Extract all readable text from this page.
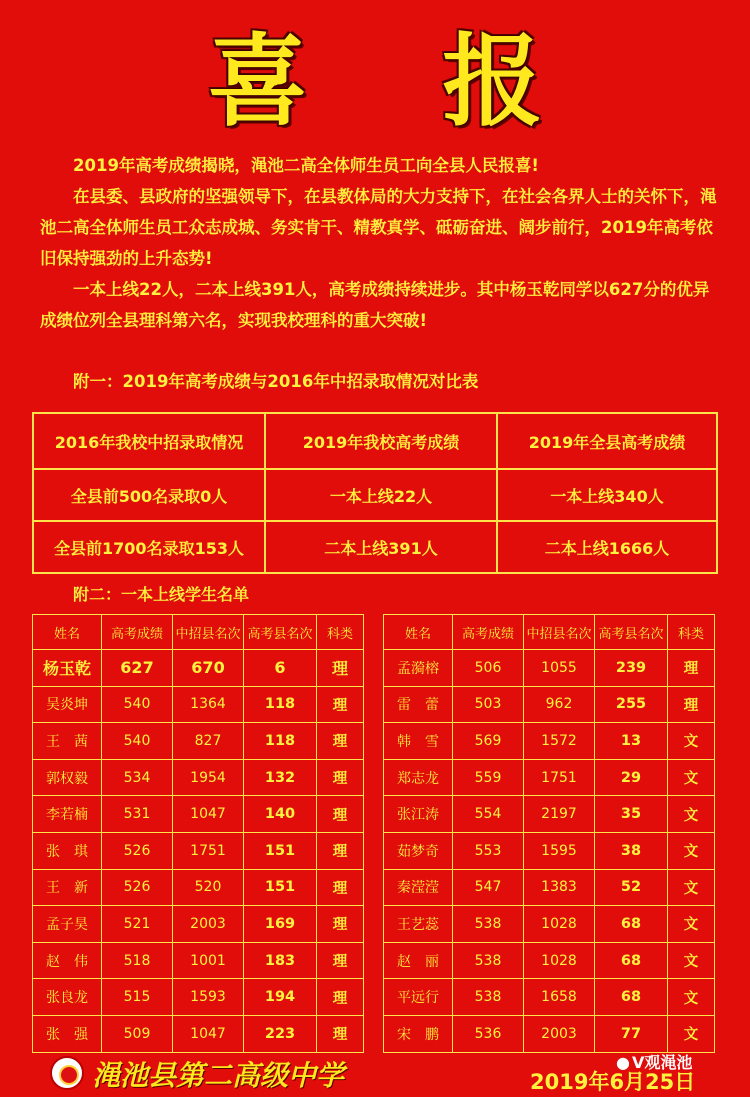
喜 报

2019年高考成绩揭晓，渑池二高全体师生员工向全县人民报喜!

在县委、县政府的坚强领导下，在县教体局的大力支持下，在社会各界人士的关怀下，渑池二高全体师生员工众志成城、务实肯干、精教真学、砥砺奋进、阔步前行，2019年高考依旧保持强劲的上升态势!

一本上线22人，二本上线391人，高考成绩持续进步。其中杨玉乾同学以627分的优异成绩位列全县理科第六名，实现我校理科的重大突破!

附一：2019年高考成绩与2016年中招录取情况对比表
2016年我校中招录取情况	2019年我校高考成绩	2019年全县高考成绩
全县前500名录取0人	一本上线22人	一本上线340人
全县前1700名录取153人	二本上线391人	二本上线1666人
附二：一本上线学生名单
姓名	高考成绩	中招县名次	高考县名次	科类
杨玉乾	627	670	6	理
吴炎坤	540	1364	118	理
王　茜	540	827	118	理
郭权毅	534	1954	132	理
李若楠	531	1047	140	理
张　琪	526	1751	151	理
王　新	526	520	151	理
孟子昊	521	2003	169	理
赵　伟	518	1001	183	理
张良龙	515	1593	194	理
张　强	509	1047	223	理
姓名	高考成绩	中招县名次	高考县名次	科类
孟漪榕	506	1055	239	理
雷　蕾	503	962	255	理
韩　雪	569	1572	13	文
郑志龙	559	1751	29	文
张江涛	554	2197	35	文
茹梦奇	553	1595	38	文
秦滢滢	547	1383	52	文
王艺蕊	538	1028	68	文
赵　丽	538	1028	68	文
平远行	538	1658	68	文
宋　鹏	536	2003	77	文
渑池县第二高级中学	2019年6月25日
● V观渑池
